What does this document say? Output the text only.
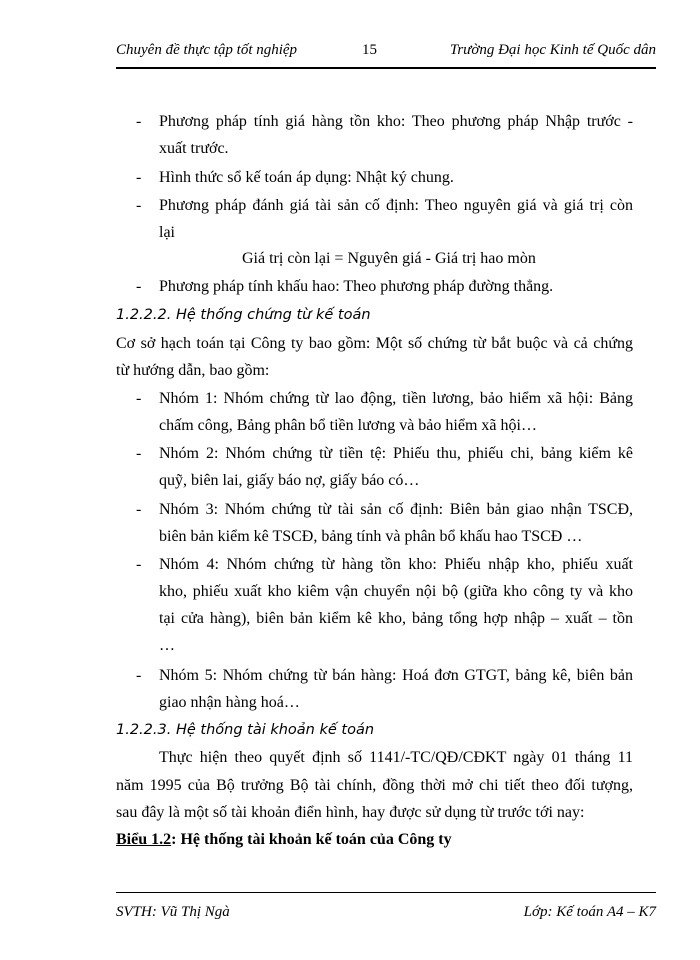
Chuyên đề thực tập tốt nghiệp	15	Trường Đại học Kinh tế Quốc dân
- Phương pháp tính giá hàng tồn kho: Theo phương pháp Nhập trước -
xuất trước.
- Hình thức sổ kế toán áp dụng: Nhật ký chung.
- Phương pháp đánh giá tài sản cố định: Theo nguyên giá và giá trị còn
lại
Giá trị còn lại = Nguyên giá - Giá trị hao mòn
- Phương pháp tính khấu hao: Theo phương pháp đường thẳng.
1.2.2.2. Hệ thống chứng từ kế toán
Cơ sở hạch toán tại Công ty bao gồm: Một số chứng từ bắt buộc và cả chứng
từ hướng dẫn, bao gồm:
- Nhóm 1: Nhóm chứng từ lao động, tiền lương, bảo hiểm xã hội: Bảng
chấm công, Bảng phân bổ tiền lương và bảo hiểm xã hội…
- Nhóm 2: Nhóm chứng từ tiền tệ: Phiếu thu, phiếu chi, bảng kiểm kê
quỹ, biên lai, giấy báo nợ, giấy báo có…
- Nhóm 3: Nhóm chứng từ tài sản cố định: Biên bản giao nhận TSCĐ,
biên bản kiểm kê TSCĐ, bảng tính và phân bổ khấu hao TSCĐ …
- Nhóm 4: Nhóm chứng từ hàng tồn kho: Phiếu nhập kho, phiếu xuất
kho, phiếu xuất kho kiêm vận chuyển nội bộ (giữa kho công ty và kho
tại cửa hàng), biên bản kiểm kê kho, bảng tổng hợp nhập – xuất – tồn
…
- Nhóm 5: Nhóm chứng từ bán hàng: Hoá đơn GTGT, bảng kê, biên bản
giao nhận hàng hoá…
1.2.2.3. Hệ thống tài khoản kế toán
Thực hiện theo quyết định số 1141/-TC/QĐ/CĐKT ngày 01 tháng 11
năm 1995 của Bộ trưởng Bộ tài chính, đồng thời mở chi tiết theo đối tượng,
sau đây là một số tài khoản điển hình, hay được sử dụng từ trước tới nay:
Biểu 1.2: Hệ thống tài khoản kế toán của Công ty
SVTH: Vũ Thị Ngà	Lớp: Kế toán A4 – K7
